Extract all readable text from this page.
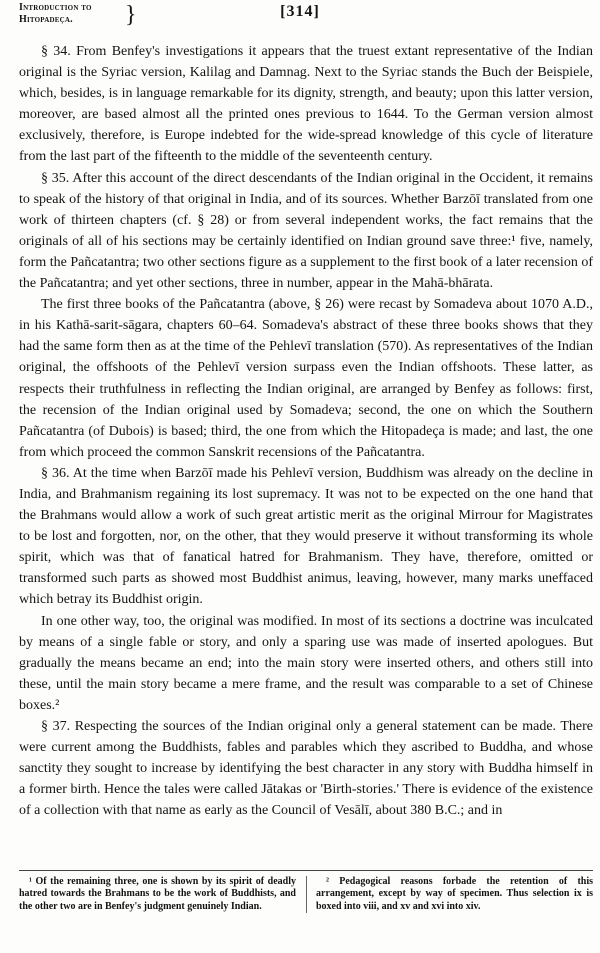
Introduction to
Hitopadeça.	}	[314]

§ 34. From Benfey's investigations it appears that the truest extant representative of the Indian original is the Syriac version, Kalilag and Damnag. Next to the Syriac stands the Buch der Beispiele, which, besides, is in language remarkable for its dignity, strength, and beauty; upon this latter version, moreover, are based almost all the printed ones previous to 1644. To the German version almost exclusively, therefore, is Europe indebted for the wide-spread knowledge of this cycle of literature from the last part of the fifteenth to the middle of the seventeenth century.

§ 35. After this account of the direct descendants of the Indian original in the Occident, it remains to speak of the history of that original in India, and of its sources. Whether Barzōī translated from one work of thirteen chapters (cf. § 28) or from several independent works, the fact remains that the originals of all of his sections may be certainly identified on Indian ground save three:¹ five, namely, form the Pañcatantra; two other sections figure as a supplement to the first book of a later recension of the Pañcatantra; and yet other sections, three in number, appear in the Mahā-bhārata.

The first three books of the Pañcatantra (above, § 26) were recast by Somadeva about 1070 A.D., in his Kathā-sarit-sāgara, chapters 60–64. Somadeva's abstract of these three books shows that they had the same form then as at the time of the Pehlevī translation (570). As representatives of the Indian original, the offshoots of the Pehlevī version surpass even the Indian offshoots. These latter, as respects their truthfulness in reflecting the Indian original, are arranged by Benfey as follows: first, the recension of the Indian original used by Somadeva; second, the one on which the Southern Pañcatantra (of Dubois) is based; third, the one from which the Hitopadeça is made; and last, the one from which proceed the common Sanskrit recensions of the Pañcatantra.

§ 36. At the time when Barzōī made his Pehlevī version, Buddhism was already on the decline in India, and Brahmanism regaining its lost supremacy. It was not to be expected on the one hand that the Brahmans would allow a work of such great artistic merit as the original Mirrour for Magistrates to be lost and forgotten, nor, on the other, that they would preserve it without transforming its whole spirit, which was that of fanatical hatred for Brahmanism. They have, therefore, omitted or transformed such parts as showed most Buddhist animus, leaving, however, many marks uneffaced which betray its Buddhist origin.

In one other way, too, the original was modified. In most of its sections a doctrine was inculcated by means of a single fable or story, and only a sparing use was made of inserted apologues. But gradually the means became an end; into the main story were inserted others, and others still into these, until the main story became a mere frame, and the result was comparable to a set of Chinese boxes.²

§ 37. Respecting the sources of the Indian original only a general statement can be made. There were current among the Buddhists, fables and parables which they ascribed to Buddha, and whose sanctity they sought to increase by identifying the best character in any story with Buddha himself in a former birth. Hence the tales were called Jātakas or 'Birth-stories.' There is evidence of the existence of a collection with that name as early as the Council of Vesālī, about 380 B.C.; and in

¹ Of the remaining three, one is shown by its spirit of deadly hatred towards the Brahmans to be the work of Buddhists, and the other two are in Benfey's judgment genuinely Indian.
² Pedagogical reasons forbade the retention of this arrangement, except by way of specimen. Thus selection ix is boxed into viii, and xv and xvi into xiv.
